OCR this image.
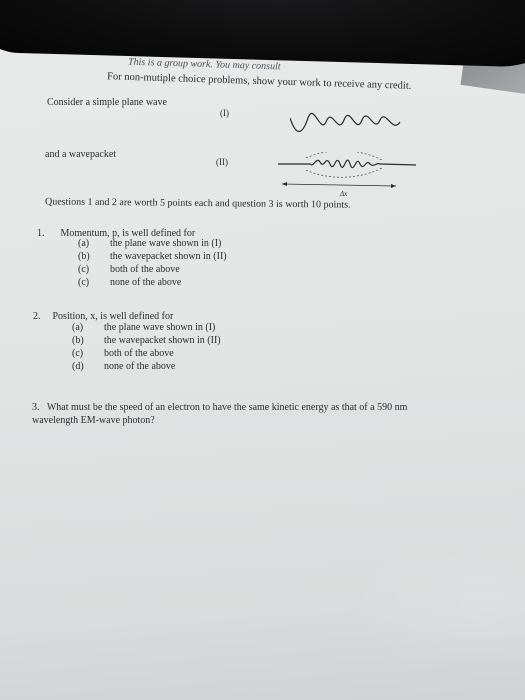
This is a group work. You may consult
For non-mutiple choice problems, show your work to receive any credit.
Consider a simple plane wave
(I)
and a wavepacket
(II)
Δx
Questions 1 and 2 are worth 5 points each and question 3 is worth 10 points.
1. Momentum, p, is well defined for
(a) the plane wave shown in (I)
(b) the wavepacket shown in (II)
(c) both of the above
(c) none of the above
2. Position, x, is well defined for
(a) the plane wave shown in (I)
(b) the wavepacket shown in (II)
(c) both of the above
(d) none of the above
3. What must be the speed of an electron to have the same kinetic energy as that of a 590 nm wavelength EM-wave photon?
